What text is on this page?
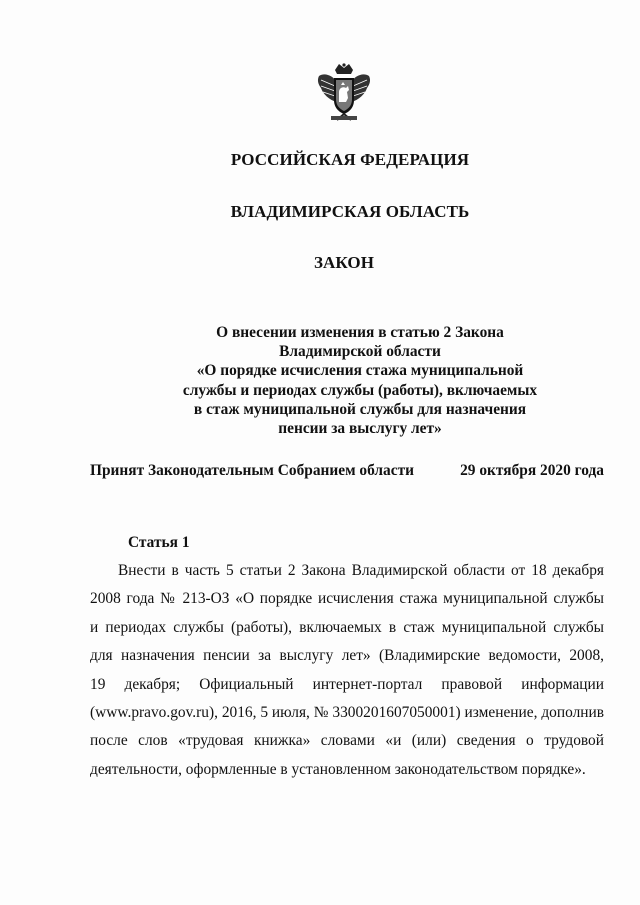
РОССИЙСКАЯ ФЕДЕРАЦИЯ
ВЛАДИМИРСКАЯ ОБЛАСТЬ
ЗАКОН
О внесении изменения в статью 2 Закона
Владимирской области
«О порядке исчисления стажа муниципальной
службы и периодах службы (работы), включаемых
в стаж муниципальной службы для назначения
пенсии за выслугу лет»
Принят Законодательным Собранием области	29 октября 2020 года
Статья 1
Внести в часть 5 статьи 2 Закона Владимирской области от 18 декабря
2008 года № 213-ОЗ «О порядке исчисления стажа муниципальной службы
и периодах службы (работы), включаемых в стаж муниципальной службы
для назначения пенсии за выслугу лет» (Владимирские ведомости, 2008,
19 декабря; Официальный интернет-портал правовой информации
(www.pravo.gov.ru), 2016, 5 июля, № 3300201607050001) изменение, дополнив
после слов «трудовая книжка» словами «и (или) сведения о трудовой
деятельности, оформленные в установленном законодательством порядке».
